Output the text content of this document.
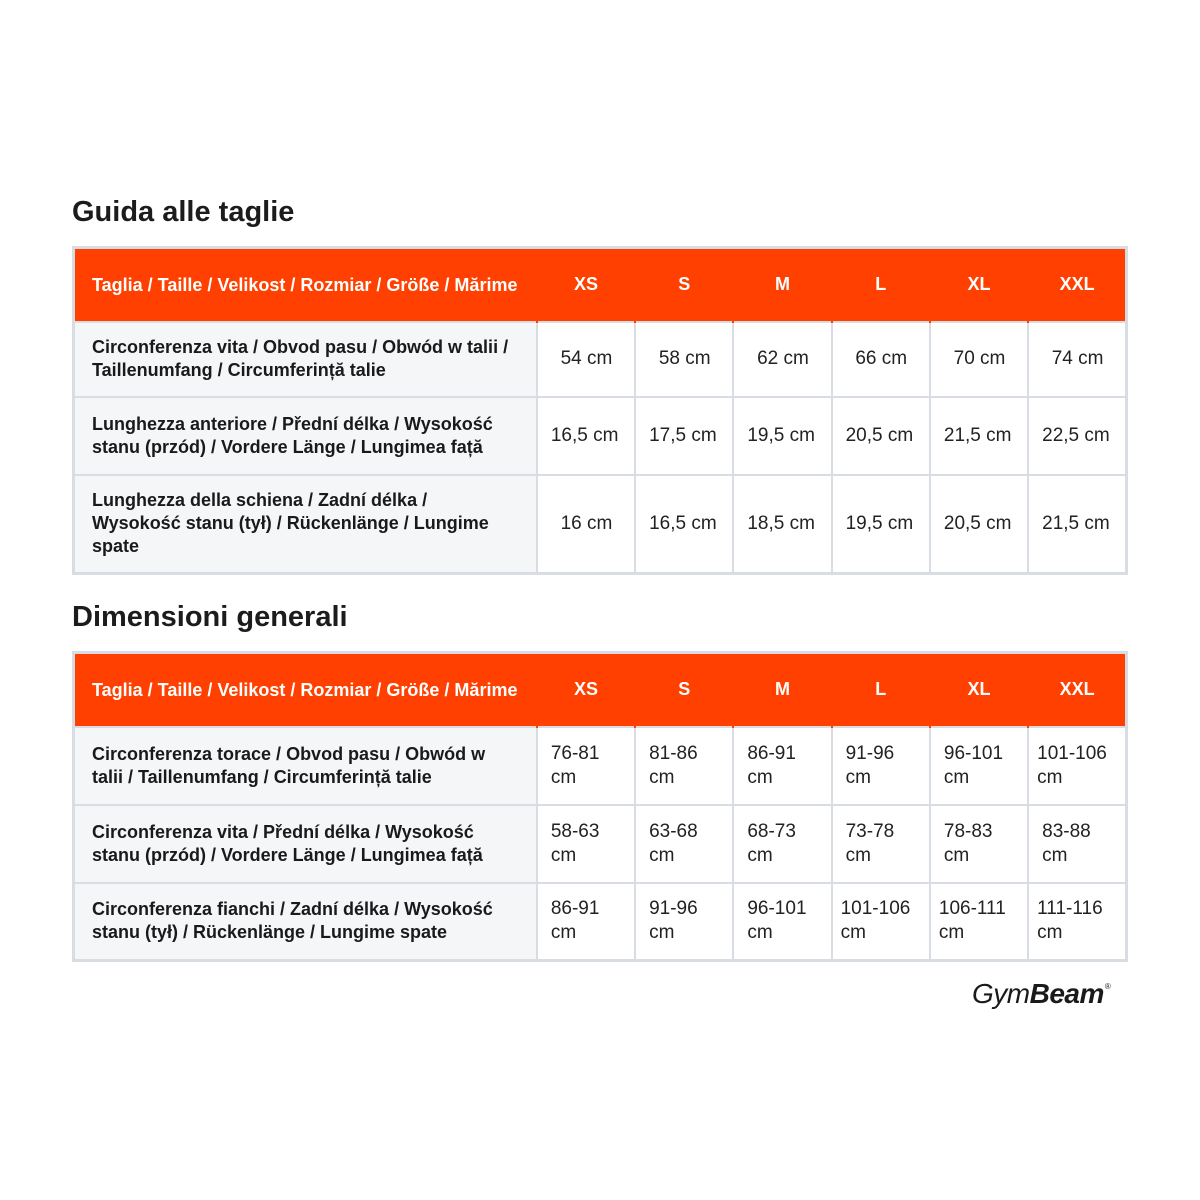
Guida alle taglie
Taglia / Taille / Velikost / Rozmiar / Größe / Mărime	XS	S	M	L	XL	XXL
Circonferenza vita / Obvod pasu / Obwód w talii / Taillenumfang / Circumferință talie	54 cm	58 cm	62 cm	66 cm	70 cm	74 cm
Lunghezza anteriore / Přední délka / Wysokość stanu (przód) / Vordere Länge / Lungimea față	16,5 cm	17,5 cm	19,5 cm	20,5 cm	21,5 cm	22,5 cm
Lunghezza della schiena / Zadní délka / Wysokość stanu (tył) / Rückenlänge / Lungime spate	16 cm	16,5 cm	18,5 cm	19,5 cm	20,5 cm	21,5 cm
Dimensioni generali
Taglia / Taille / Velikost / Rozmiar / Größe / Mărime	XS	S	M	L	XL	XXL
Circonferenza torace / Obvod pasu / Obwód w talii / Taillenumfang / Circumferință talie	76-81 cm	81-86 cm	86-91 cm	91-96 cm	96-101 cm	101-106 cm
Circonferenza vita / Přední délka / Wysokość stanu (przód) / Vordere Länge / Lungimea față	58-63 cm	63-68 cm	68-73 cm	73-78 cm	78-83 cm	83-88 cm
Circonferenza fianchi / Zadní délka / Wysokość stanu (tył) / Rückenlänge / Lungime spate	86-91 cm	91-96 cm	96-101 cm	101-106 cm	106-111 cm	111-116 cm
Gym Beam ®
